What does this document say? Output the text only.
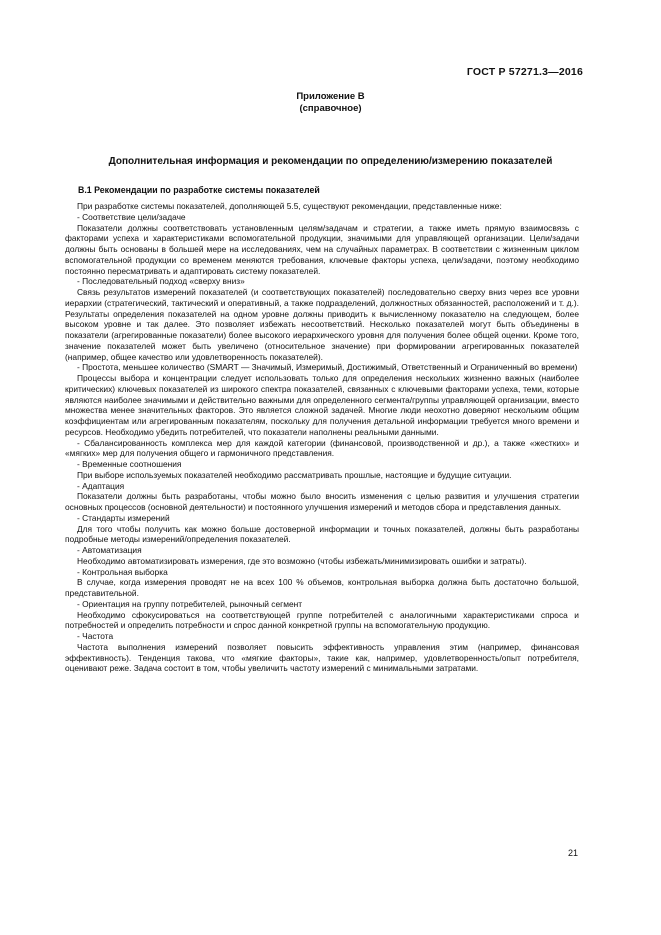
ГОСТ Р 57271.3—2016
Приложение В
(справочное)
Дополнительная информация и рекомендации по определению/измерению показателей
В.1 Рекомендации по разработке системы показателей

При разработке системы показателей, дополняющей 5.5, существуют рекомендации, представленные ниже:

- Соответствие цели/задаче

Показатели должны соответствовать установленным целям/задачам и стратегии, а также иметь прямую взаимосвязь с факторами успеха и характеристиками вспомогательной продукции, значимыми для управляющей организации. Цели/задачи должны быть основаны в большей мере на исследованиях, чем на случайных параметрах. В соответствии с жизненным циклом вспомогательной продукции со временем меняются требования, ключевые факторы успеха, цели/задачи, поэтому необходимо постоянно пересматривать и адаптировать систему показателей.

- Последовательный подход «сверху вниз»

Связь результатов измерений показателей (и соответствующих показателей) последовательно сверху вниз через все уровни иерархии (стратегический, тактический и оперативный, а также подразделений, должностных обязанностей, расположений и т. д.). Результаты определения показателей на одном уровне должны приводить к вычисленному показателю на следующем, более высоком уровне и так далее. Это позволяет избежать несоответствий. Несколько показателей могут быть объединены в показатели (агрегированные показатели) более высокого иерархического уровня для получения более общей оценки. Кроме того, значение показателей может быть увеличено (относительное значение) при формировании агрегированных показателей (например, общее качество или удовлетворенность показателей).

- Простота, меньшее количество (SMART — Значимый, Измеримый, Достижимый, Ответственный и Ограниченный во времени)

Процессы выбора и концентрации следует использовать только для определения нескольких жизненно важных (наиболее критических) ключевых показателей из широкого спектра показателей, связанных с ключевыми факторами успеха, теми, которые являются наиболее значимыми и действительно важными для определенного сегмента/группы управляющей организации, вместо множества менее значительных факторов. Это является сложной задачей. Многие люди неохотно доверяют нескольким общим коэффициентам или агрегированным показателям, поскольку для получения детальной информации требуется много времени и ресурсов. Необходимо убедить потребителей, что показатели наполнены реальными данными.

- Сбалансированность комплекса мер для каждой категории (финансовой, производственной и др.), а также «жестких» и «мягких» мер для получения общего и гармоничного представления.

- Временные соотношения

При выборе используемых показателей необходимо рассматривать прошлые, настоящие и будущие ситуации.

- Адаптация

Показатели должны быть разработаны, чтобы можно было вносить изменения с целью развития и улучшения стратегии основных процессов (основной деятельности) и постоянного улучшения измерений и методов сбора и представления данных.

- Стандарты измерений

Для того чтобы получить как можно больше достоверной информации и точных показателей, должны быть разработаны подробные методы измерений/определения показателей.

- Автоматизация

Необходимо автоматизировать измерения, где это возможно (чтобы избежать/минимизировать ошибки и затраты).

- Контрольная выборка

В случае, когда измерения проводят не на всех 100 % объемов, контрольная выборка должна быть достаточно большой, представительной.

- Ориентация на группу потребителей, рыночный сегмент

Необходимо сфокусироваться на соответствующей группе потребителей с аналогичными характеристиками спроса и потребностей и определить потребности и спрос данной конкретной группы на вспомогательную продукцию.

- Частота

Частота выполнения измерений позволяет повысить эффективность управления этим (например, финансовая эффективность). Тенденция такова, что «мягкие факторы», такие как, например, удовлетворенность/опыт потребителя, оценивают реже. Задача состоит в том, чтобы увеличить частоту измерений с минимальными затратами.

21
